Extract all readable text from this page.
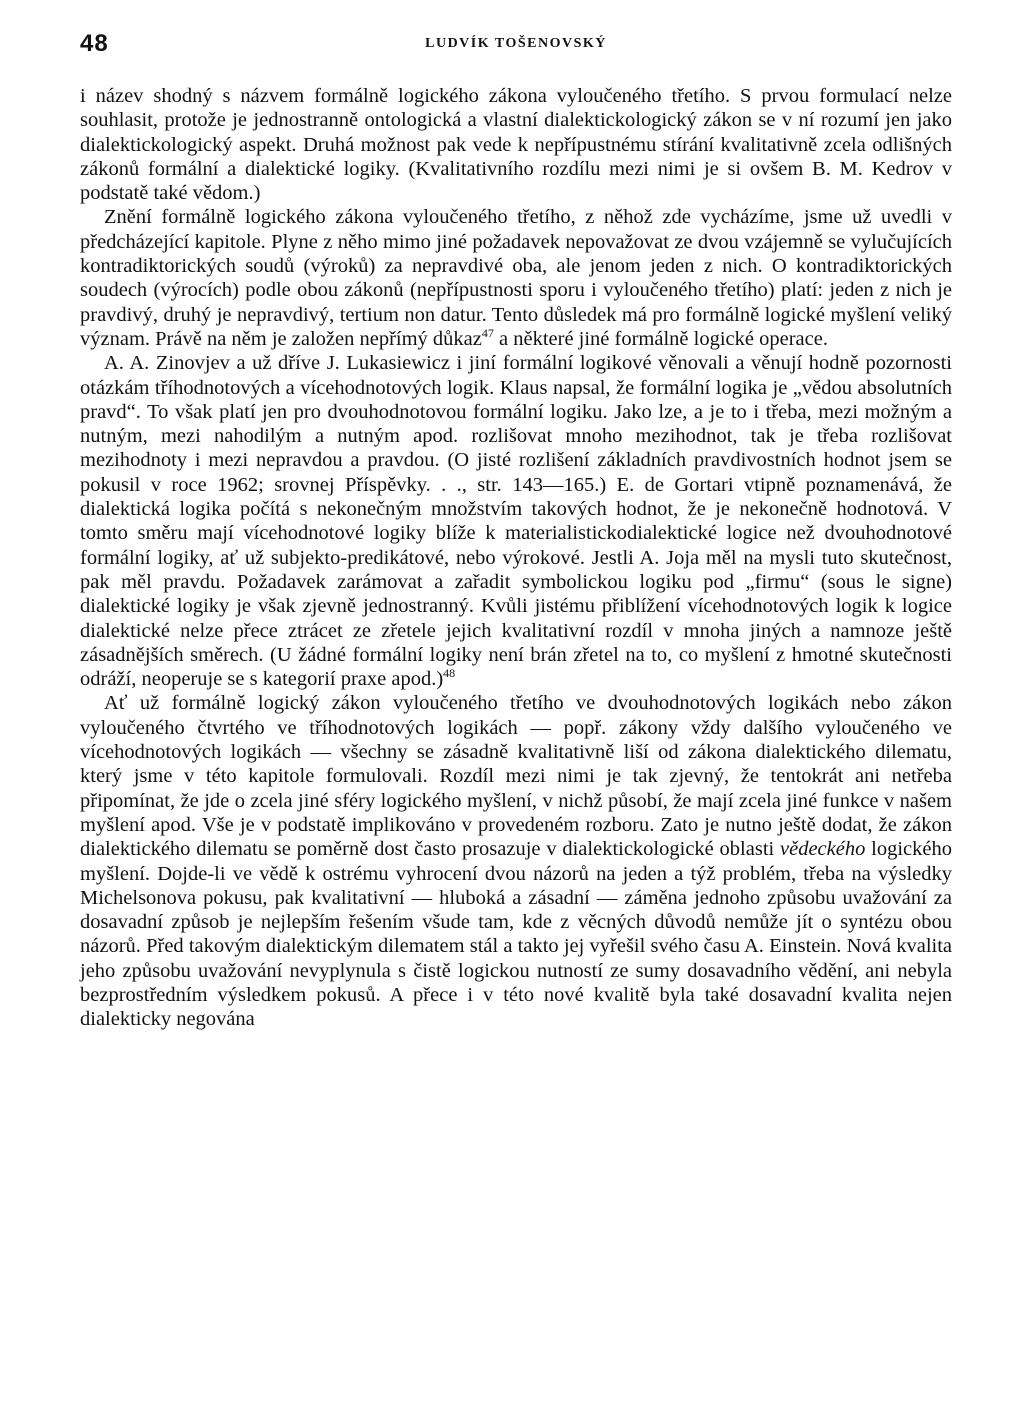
48	LUDVÍK TOŠENOVSKÝ

i název shodný s názvem formálně logického zákona vyloučeného třetího. S prvou formulací nelze souhlasit, protože je jednostranně ontologická a vlastní dialektickologický zákon se v ní rozumí jen jako dialektickologický aspekt. Druhá možnost pak vede k nepřípustnému stírání kvalitativně zcela odlišných zákonů formální a dialektické logiky. (Kvalitativního rozdílu mezi nimi je si ovšem B. M. Kedrov v podstatě také vědom.)

Znění formálně logického zákona vyloučeného třetího, z něhož zde vycházíme, jsme už uvedli v předcházející kapitole. Plyne z něho mimo jiné požadavek nepovažovat ze dvou vzájemně se vylučujících kontradiktorických soudů (výroků) za nepravdivé oba, ale jenom jeden z nich. O kontradiktorických soudech (výrocích) podle obou zákonů (nepřípustnosti sporu i vyloučeného třetího) platí: jeden z nich je pravdivý, druhý je nepravdivý, tertium non datur. Tento důsledek má pro formálně logické myšlení veliký význam. Právě na něm je založen nepřímý důkaz$^{47}$ a některé jiné formálně logické operace.

A. A. Zinovjev a už dříve J. Lukasiewicz i jiní formální logikové věnovali a věnují hodně pozornosti otázkám tříhodnotových a vícehodnotových logik. Klaus napsal, že formální logika je „vědou absolutních pravd“. To však platí jen pro dvouhodnotovou formální logiku. Jako lze, a je to i třeba, mezi možným a nutným, mezi nahodilým a nutným apod. rozlišovat mnoho mezihodnot, tak je třeba rozlišovat mezihodnoty i mezi nepravdou a pravdou. (O jisté rozlišení základních pravdivostních hodnot jsem se pokusil v roce 1962; srovnej Příspěvky. . ., str. 143—165.) E. de Gortari vtipně poznamenává, že dialektická logika počítá s nekonečným množstvím takových hodnot, že je nekonečně hodnotová. V tomto směru mají vícehodnotové logiky blíže k materialistickodialektické logice než dvouhodnotové formální logiky, ať už subjekto-predikátové, nebo výrokové. Jestli A. Joja měl na mysli tuto skutečnost, pak měl pravdu. Požadavek zarámovat a zařadit symbolickou logiku pod „firmu“ (sous le signe) dialektické logiky je však zjevně jednostranný. Kvůli jistému přiblížení vícehodnotových logik k logice dialektické nelze přece ztrácet ze zřetele jejich kvalitativní rozdíl v mnoha jiných a namnoze ještě zásadnějších směrech. (U žádné formální logiky není brán zřetel na to, co myšlení z hmotné skutečnosti odráží, neoperuje se s kategorií praxe apod.)$^{48}$

Ať už formálně logický zákon vyloučeného třetího ve dvouhodnotových logikách nebo zákon vyloučeného čtvrtého ve tříhodnotových logikách — popř. zákony vždy dalšího vyloučeného ve vícehodnotových logikách — všechny se zásadně kvalitativně liší od zákona dialektického dilematu, který jsme v této kapitole formulovali. Rozdíl mezi nimi je tak zjevný, že tentokrát ani netřeba připomínat, že jde o zcela jiné sféry logického myšlení, v nichž působí, že mají zcela jiné funkce v našem myšlení apod. Vše je v podstatě implikováno v provedeném rozboru. Zato je nutno ještě dodat, že zákon dialektického dilematu se poměrně dost často prosazuje v dialektickologické oblasti vědeckého logického myšlení. Dojde-li ve vědě k ostrému vyhrocení dvou názorů na jeden a týž problém, třeba na výsledky Michelsonova pokusu, pak kvalitativní — hluboká a zásadní — záměna jednoho způsobu uvažování za dosavadní způsob je nejlepším řešením všude tam, kde z věcných důvodů nemůže jít o syntézu obou názorů. Před takovým dialektickým dilematem stál a takto jej vyřešil svého času A. Einstein. Nová kvalita jeho způsobu uvažování nevyplynula s čistě logickou nutností ze sumy dosavadního vědění, ani nebyla bezprostředním výsledkem pokusů. A přece i v této nové kvalitě byla také dosavadní kvalita nejen dialekticky negována
